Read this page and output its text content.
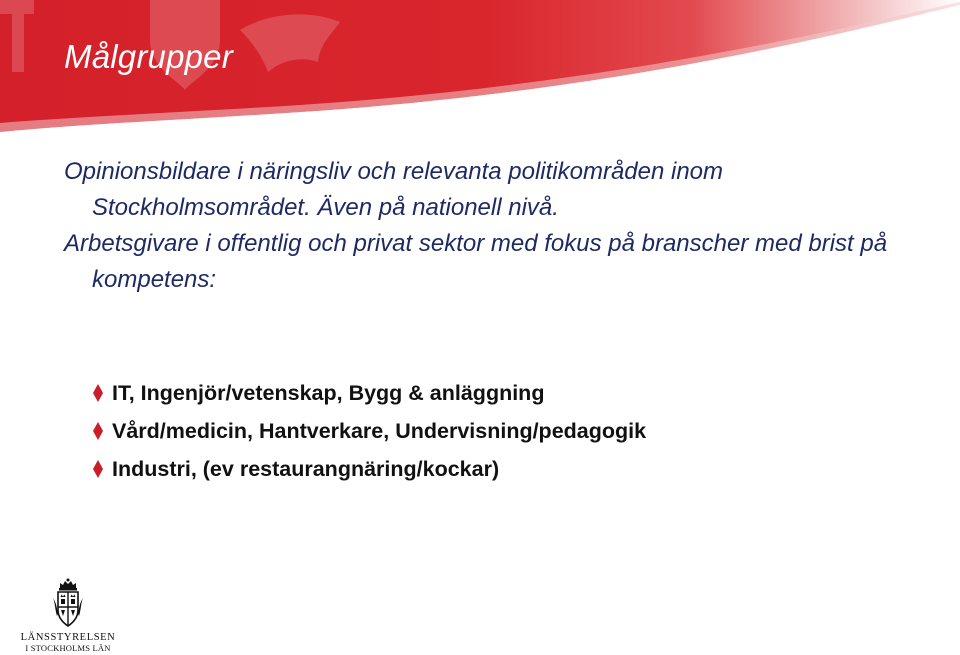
Målgrupper

Opinionsbildare i näringsliv och relevanta politikområden inom Stockholmsområdet. Även på nationell nivå.

Arbetsgivare i offentlig och privat sektor med fokus på branscher med brist på kompetens:

IT, Ingenjör/vetenskap, Bygg & anläggning
Vård/medicin, Hantverkare, Undervisning/pedagogik
Industri, (ev restaurangnäring/kockar)
LÄNSSTYRELSEN
I STOCKHOLMS LÄN
